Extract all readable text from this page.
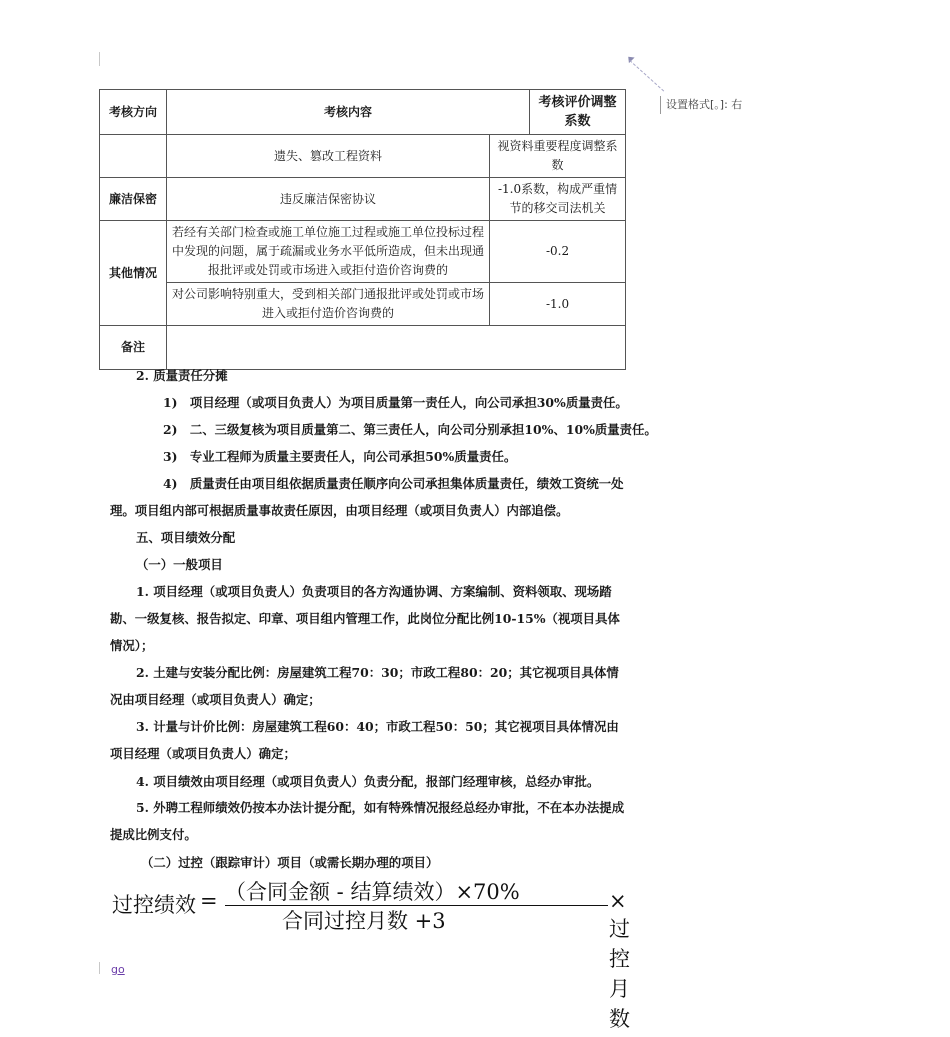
设置格式[。]: 右
考核方向	考核内容		考核评价调整系数
	遗失、篡改工程资料	视资料重要程度调整系数	
廉洁保密	违反廉洁保密协议	-1.0系数，构成严重情节的移交司法机关	
其他情况	若经有关部门检查或施工单位施工过程或施工单位投标过程中发现的问题，属于疏漏或业务水平低所造成，但未出现通报批评或处罚或市场进入或拒付造价咨询费的	-0.2	
	对公司影响特别重大，受到相关部门通报批评或处罚或市场进入或拒付造价咨询费的	-1.0	
备注			
2. 质量责任分摊
1) 项目经理（或项目负责人）为项目质量第一责任人，向公司承担30%质量责任。
2) 二、三级复核为项目质量第二、第三责任人，向公司分别承担10%、10%质量责任。
3) 专业工程师为质量主要责任人，向公司承担50%质量责任。
4) 质量责任由项目组依据质量责任顺序向公司承担集体质量责任，绩效工资统一处理。项目组内部可根据质量事故责任原因，由项目经理（或项目负责人）内部追偿。
五、项目绩效分配
（一）一般项目
1. 项目经理（或项目负责人）负责项目的各方沟通协调、方案编制、资料领取、现场踏勘、一级复核、报告拟定、印章、项目组内管理工作，此岗位分配比例10-15%（视项目具体情况）；
2. 土建与安装分配比例：房屋建筑工程70：30；市政工程80：20；其它视项目具体情况由项目经理（或项目负责人）确定；
3. 计量与计价比例：房屋建筑工程60：40；市政工程50：50；其它视项目具体情况由项目经理（或项目负责人）确定；
4. 项目绩效由项目经理（或项目负责人）负责分配，报部门经理审核，总经办审批。
5. 外聘工程师绩效仍按本办法计提分配，如有特殊情况报经总经办审批，不在本办法提成提成比例支付。
（二）过控（跟踪审计）项目（或需长期办理的项目）
过控绩效 = （合同金额 - 结算绩效）×70%
合同过控月数 +3
×过控月数
go
